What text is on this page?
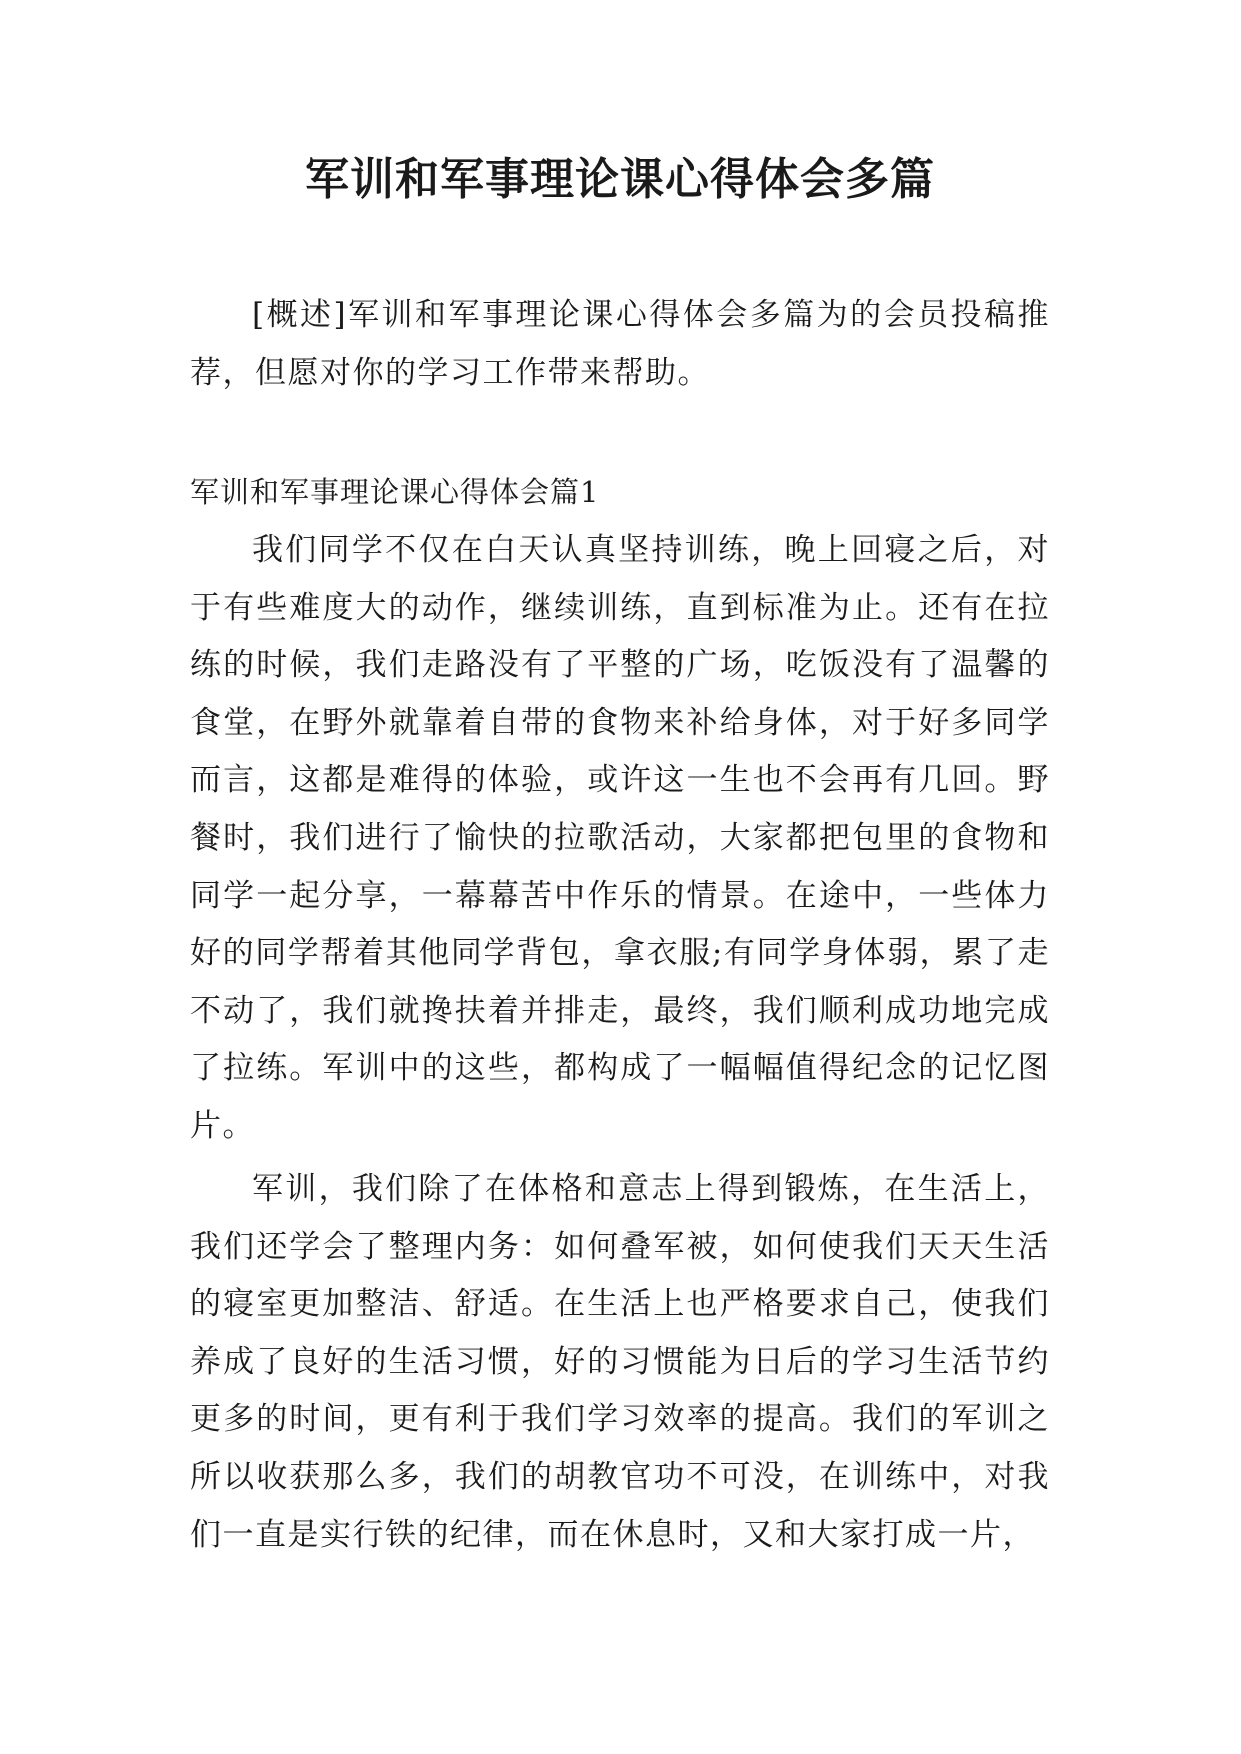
军训和军事理论课心得体会多篇

[概述]军训和军事理论课心得体会多篇为的会员投稿推荐，但愿对你的学习工作带来帮助。

军训和军事理论课心得体会篇1

我们同学不仅在白天认真坚持训练，晚上回寝之后，对于有些难度大的动作，继续训练，直到标准为止。还有在拉练的时候，我们走路没有了平整的广场，吃饭没有了温馨的食堂，在野外就靠着自带的食物来补给身体，对于好多同学而言，这都是难得的体验，或许这一生也不会再有几回。野餐时，我们进行了愉快的拉歌活动，大家都把包里的食物和同学一起分享，一幕幕苦中作乐的情景。在途中，一些体力好的同学帮着其他同学背包，拿衣服;有同学身体弱，累了走不动了，我们就搀扶着并排走，最终，我们顺利成功地完成了拉练。军训中的这些，都构成了一幅幅值得纪念的记忆图片。

军训，我们除了在体格和意志上得到锻炼，在生活上，我们还学会了整理内务：如何叠军被，如何使我们天天生活的寝室更加整洁、舒适。在生活上也严格要求自己，使我们养成了良好的生活习惯，好的习惯能为日后的学习生活节约更多的时间，更有利于我们学习效率的提高。我们的军训之所以收获那么多，我们的胡教官功不可没，在训练中，对我们一直是实行铁的纪律，而在休息时，又和大家打成一片，
